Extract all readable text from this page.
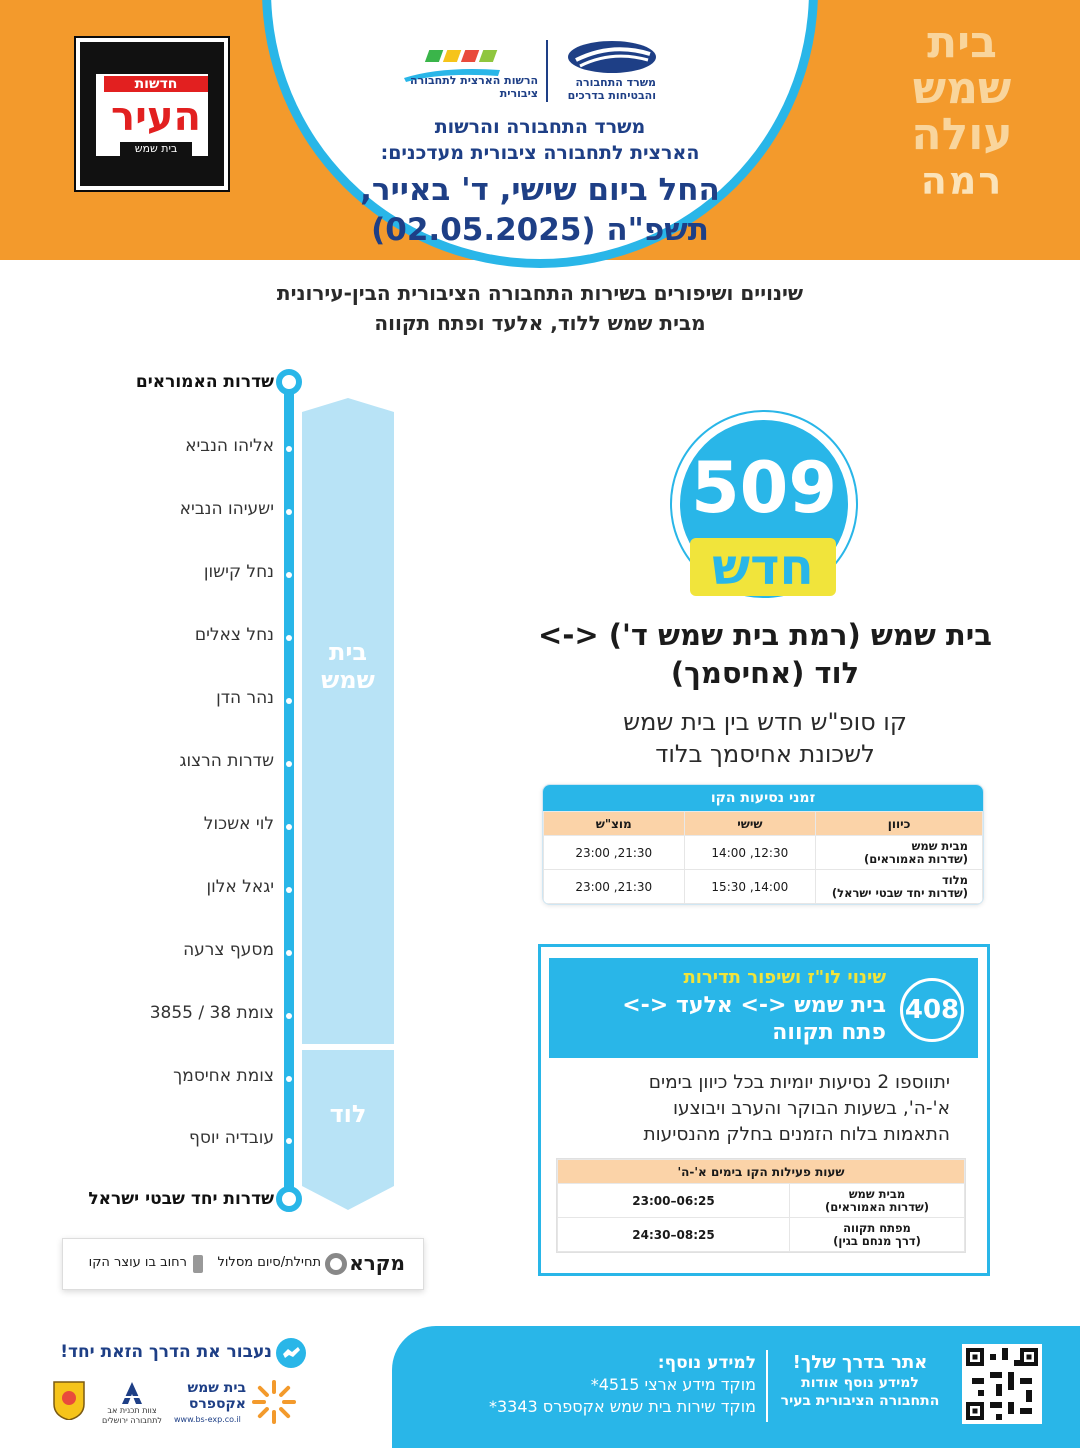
חדשות
העיר
בית שמש
בית
שמש
עולה
רמה
משרד התחבורה והבטיחות בדרכים
הרשות הארצית לתחבורה ציבורית
משרד התחבורה והרשות
הארצית לתחבורה ציבורית מעדכנים:
החל ביום שישי, ד' באייר,
תשפ"ה (02.05.2025)
שינויים ושיפורים בשירות התחבורה הציבורית הבין-עירונית
מבית שמש ללוד, אלעד ופתח תקווה
בית
שמש
לוד
שדרות האמוראים
אליהו הנביא
ישעיהו הנביא
נחל קישון
נחל צאלים
נהר הדן
שדרות הרצוג
לוי אשכול
יגאל אלון
מסעף צרעה
צומת 38 / 3855
צומת אחיסמך
עובדיה יוסף
שדרות יחד שבטי ישראל
מקרא
תחילת/סיום מסלול
רחוב בו עוצר הקו
509
חדש
בית שמש (רמת בית שמש ד') <->
לוד (אחיסמך)
קו סופ"ש חדש בין בית שמש
לשכונת אחיסמך בלוד
זמני נסיעות הקו
כיוון	שישי	מוצ"ש

מבית שמש
(שדרות האמוראים)	12:30, 14:00	21:30, 23:00

מלוד
(שדרות יחד שבטי ישראל)	14:00, 15:30	21:30, 23:00
408
שינוי לו"ז ושיפור תדירות
בית שמש <-> אלעד <->
פתח תקווה
יתווספו 2 נסיעות יומיות בכל כיוון בימים
א'-ה', בשעות הבוקר והערב ויבוצעו
התאמות בלוח הזמנים בחלק מהנסיעות
שעות פעילות הקו בימים א'-ה'	

מבית שמש
(שדרות האמוראים)	06:25–23:00

מפתח תקווה
(דרך מנחם בגין)	08:25–24:30
אתר בדרך שלך!
למידע נוסף אודות
התחבורה הציבורית בעיר
למידע נוסף:
מוקד מידע ארצי 4515*
מוקד שירות בית שמש אקספרס 3343*
נעבור את הדרך הזאת יחד!
בית שמש
אקספרס
www.bs-exp.co.il
צוות תכנית אב
לתחבורה ירושלים
